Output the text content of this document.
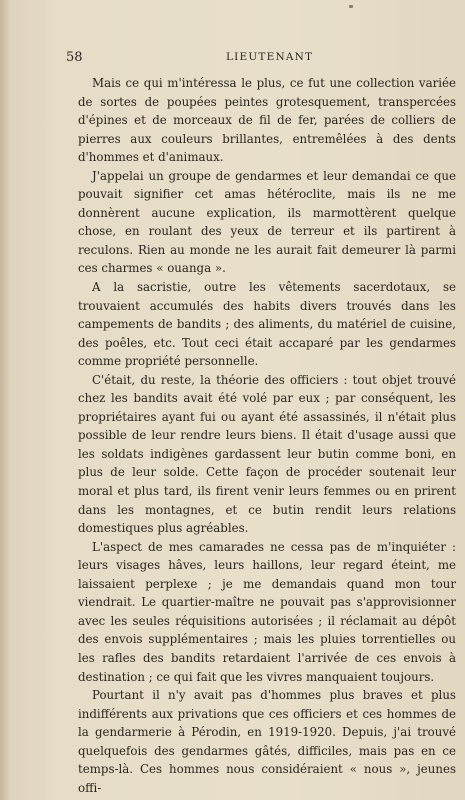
58	LIEUTENANT

Mais ce qui m'intéressa le plus, ce fut une collection variée de sortes de poupées peintes grotesquement, transpercées d'épines et de morceaux de fil de fer, parées de colliers de pierres aux couleurs brillantes, entremêlées à des dents d'hommes et d'animaux.

J'appelai un groupe de gendarmes et leur demandai ce que pouvait signifier cet amas hétéroclite, mais ils ne me donnèrent aucune explication, ils marmottèrent quelque chose, en roulant des yeux de terreur et ils partirent à reculons. Rien au monde ne les aurait fait demeurer là parmi ces charmes « ouanga ».

A la sacristie, outre les vêtements sacerdotaux, se trouvaient accumulés des habits divers trouvés dans les campements de bandits ; des aliments, du matériel de cuisine, des poêles, etc. Tout ceci était accaparé par les gendarmes comme propriété personnelle.

C'était, du reste, la théorie des officiers : tout objet trouvé chez les bandits avait été volé par eux ; par conséquent, les propriétaires ayant fui ou ayant été assassinés, il n'était plus possible de leur rendre leurs biens. Il était d'usage aussi que les soldats indigènes gardassent leur butin comme boni, en plus de leur solde. Cette façon de procéder soutenait leur moral et plus tard, ils firent venir leurs femmes ou en prirent dans les montagnes, et ce butin rendit leurs relations domestiques plus agréables.

L'aspect de mes camarades ne cessa pas de m'inquiéter : leurs visages hâves, leurs haillons, leur regard éteint, me laissaient perplexe ; je me demandais quand mon tour viendrait. Le quartier-maître ne pouvait pas s'approvisionner avec les seules réquisitions autorisées ; il réclamait au dépôt des envois supplémentaires ; mais les pluies torrentielles ou les rafles des bandits retardaient l'arrivée de ces envois à destination ; ce qui fait que les vivres manquaient toujours.

Pourtant il n'y avait pas d'hommes plus braves et plus indifférents aux privations que ces officiers et ces hommes de la gendarmerie à Pérodin, en 1919-1920. Depuis, j'ai trouvé quelquefois des gendarmes gâtés, difficiles, mais pas en ce temps-là. Ces hommes nous considéraient « nous », jeunes offi-
